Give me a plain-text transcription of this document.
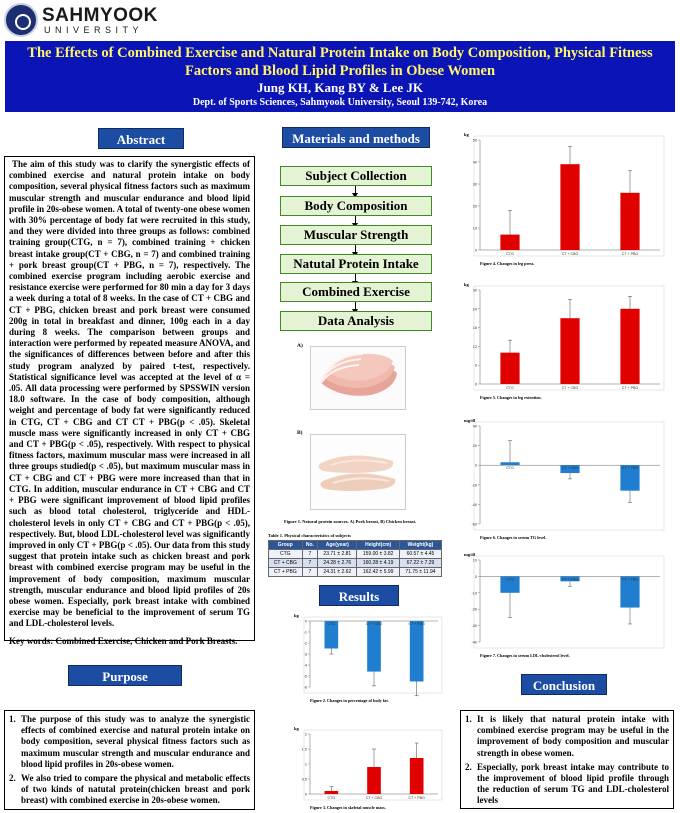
SAHMYOOK
UNIVERSITY
The Effects of Combined Exercise and Natural Protein Intake on Body Composition, Physical Fitness Factors and Blood Lipid Profiles in Obese Women
Jung KH, Kang BY & Lee JK
Dept. of Sports Sciences, Sahmyook University, Seoul 139-742, Korea
Abstract
The aim of this study was to clarify the synergistic effects of combined exercise and natural protein intake on body composition, several physical fitness factors such as maximum muscular strength and muscular endurance and blood lipid profile in 20s-obese women. A total of twenty-one obese women with 30% percentage of body fat were recruited in this study, and they were divided into three groups as follows: combined training group(CTG, n = 7), combined training + chicken breast intake group(CT + CBG, n = 7) and combined training + pork breast group(CT + PBG, n = 7), respectively. The combined exercise program including aerobic exercise and resistance exercise were performed for 80 min a day for 3 days a week during a total of 8 weeks. In the case of CT + CBG and CT + PBG, chicken breast and pork breast were consumed 200g in total in breakfast and dinner, 100g each in a day during 8 weeks. The comparison between groups and interaction were performed by repeated measure ANOVA, and the significances of differences between before and after this study program analyzed by paired t-test, respectively. Statistical significance level was accepted at the level of α = .05. All data processing were performed by SPSSWIN version 18.0 software. In the case of body composition, although weight and percentage of body fat were significantly reduced in CTG, CT + CBG and CT CT + PBG(p < .05). Skeletal muscle mass were significantly increased in only CT + CBG and CT + PBG(p < .05), respectively. With respect to physical fitness factors, maximum muscular mass were increased in all three groups studied(p < .05), but maximum muscular mass in CT + CBG and CT + PBG were more increased than that in CTG. In addition, muscular endurance in CT + CBG and CT + PBG were significant improvement of blood lipid profiles such as blood total cholesterol, triglyceride and HDL-cholesterol levels in only CT + CBG and CT + PBG(p < .05), respectively. But, blood LDL-cholesterol level was significantly improved in only CT + PBG(p < .05). Our data from this study suggest that protein intake such as chicken breast and pork breast with combined exercise program may be useful in the improvement of body composition, maximum muscular strength, muscular endurance and blood lipid profiles of 20s obese women. Especially, pork breast intake with combined exercise may be beneficial to the improvement of serum TG and LDL-cholesterol levels.
Key words: Combined Exercise, Chicken and Pork Breasts.
Purpose
1. The purpose of this study was to analyze the synergistic effects of combined exercise and natural protein intake on body composition, several physical fitness factors such as maximum muscular strength and muscular endurance and blood lipid profiles in 20s-obese women.
2. We also tried to compare the physical and metabolic effects of two kinds of natutal protein(chicken breast and pork breast) with combined exercise in 20s-obese women.
Materials and methods
Subject Collection
Body Composition
Muscular Strength
Natutal Protein Intake
Combined Exercise
Data Analysis
A)
B)
Figure 1. Natural protein sources. A) Pork breast, B) Chicken breast.
Table 1. Physical characteristics of subjects
Group	No.	Age(year)	Height(cm)	Weight(kg)
CTG	7	23.71 ± 2.81	159.00 ± 3.82	60.57 ± 4.45
CT + CBG	7	24.28 ± 2.76	160.28 ± 4.19	67.22 ± 7.29
CT + PBG	7	24.31 ± 2.62	162.42 ± 5.99	71.75 ± 11.94
Results
Conclusion
1. It is likely that natural protein intake with combined exercise program may be useful in the improvement of body composition and muscular strength in obese women.
2. Especially, pork breast intake may contribute to the improvement of blood lipid profile through the reduction of serum TG and LDL-cholesterol levels
kg
-6
-5
-4
-3
-2
-1
0
CTG	CT + CBG	CT + PBG
Figure 2. Changes in percentage of body fat.
kg
0
0.5
1
1.5
2
CTG	CT + CBG	CT + PBG
Figure 3. Changes in skeletal muscle mass.
kg
0
10
20
30
40
50
CTG	CT + CBG	CT + PBG
Figure 4. Changes in leg press.
kg
0
6
12
18
24
30
CTG	CT + CBG	CT + PBG
Figure 5. Changes in leg extention.
mg/dl
-60
-40
-20
0
20
40
CTG	CT + CBG	CT + PBG
Figure 6. Changes in serum TG level.
mg/dl
-40
-30
-20
-10
0
10
CTG	CT + CBG	CT + PBG
Figure 7. Changes in serum LDL-cholesterol level.
